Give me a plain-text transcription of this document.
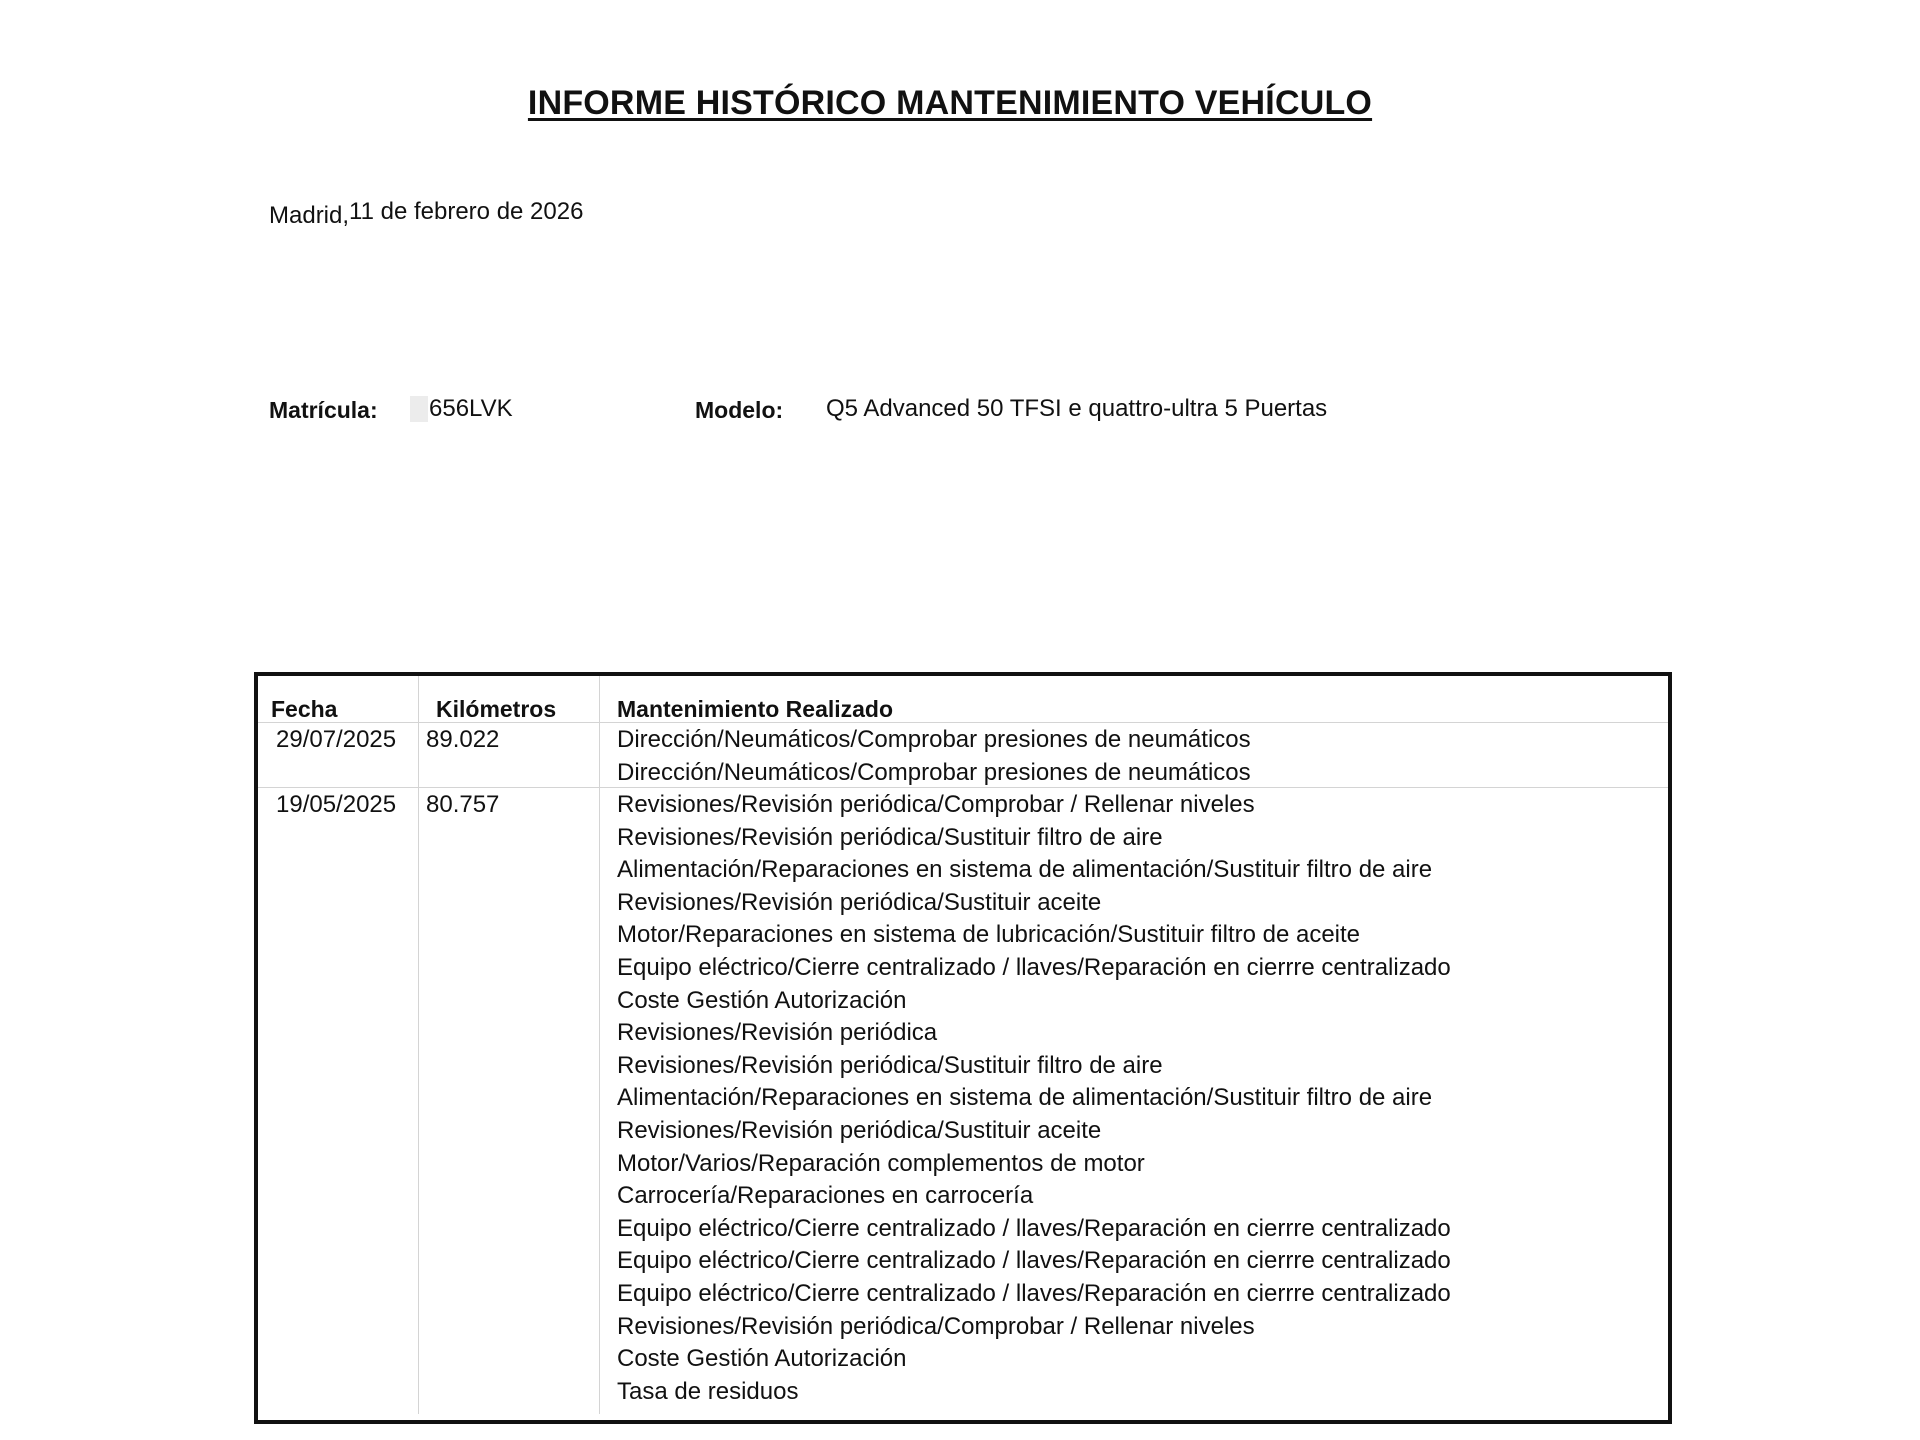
INFORME HISTÓRICO MANTENIMIENTO VEHÍCULO
Madrid,11 de febrero de 2026
Matrícula: 656LVK	Modelo: Q5 Advanced 50 TFSI e quattro-ultra 5 Puertas
Fecha	Kilómetros	Mantenimiento Realizado
29/07/2025 89.022	Dirección/Neumáticos/Comprobar presiones de neumáticos
Dirección/Neumáticos/Comprobar presiones de neumáticos
19/05/2025 80.757	Revisiones/Revisión periódica/Comprobar / Rellenar niveles
Revisiones/Revisión periódica/Sustituir filtro de aire
Alimentación/Reparaciones en sistema de alimentación/Sustituir filtro de aire
Revisiones/Revisión periódica/Sustituir aceite
Motor/Reparaciones en sistema de lubricación/Sustituir filtro de aceite
Equipo eléctrico/Cierre centralizado / llaves/Reparación en cierrre centralizado
Coste Gestión Autorización
Revisiones/Revisión periódica
Revisiones/Revisión periódica/Sustituir filtro de aire
Alimentación/Reparaciones en sistema de alimentación/Sustituir filtro de aire
Revisiones/Revisión periódica/Sustituir aceite
Motor/Varios/Reparación complementos de motor
Carrocería/Reparaciones en carrocería
Equipo eléctrico/Cierre centralizado / llaves/Reparación en cierrre centralizado
Equipo eléctrico/Cierre centralizado / llaves/Reparación en cierrre centralizado
Equipo eléctrico/Cierre centralizado / llaves/Reparación en cierrre centralizado
Revisiones/Revisión periódica/Comprobar / Rellenar niveles
Coste Gestión Autorización
Tasa de residuos
